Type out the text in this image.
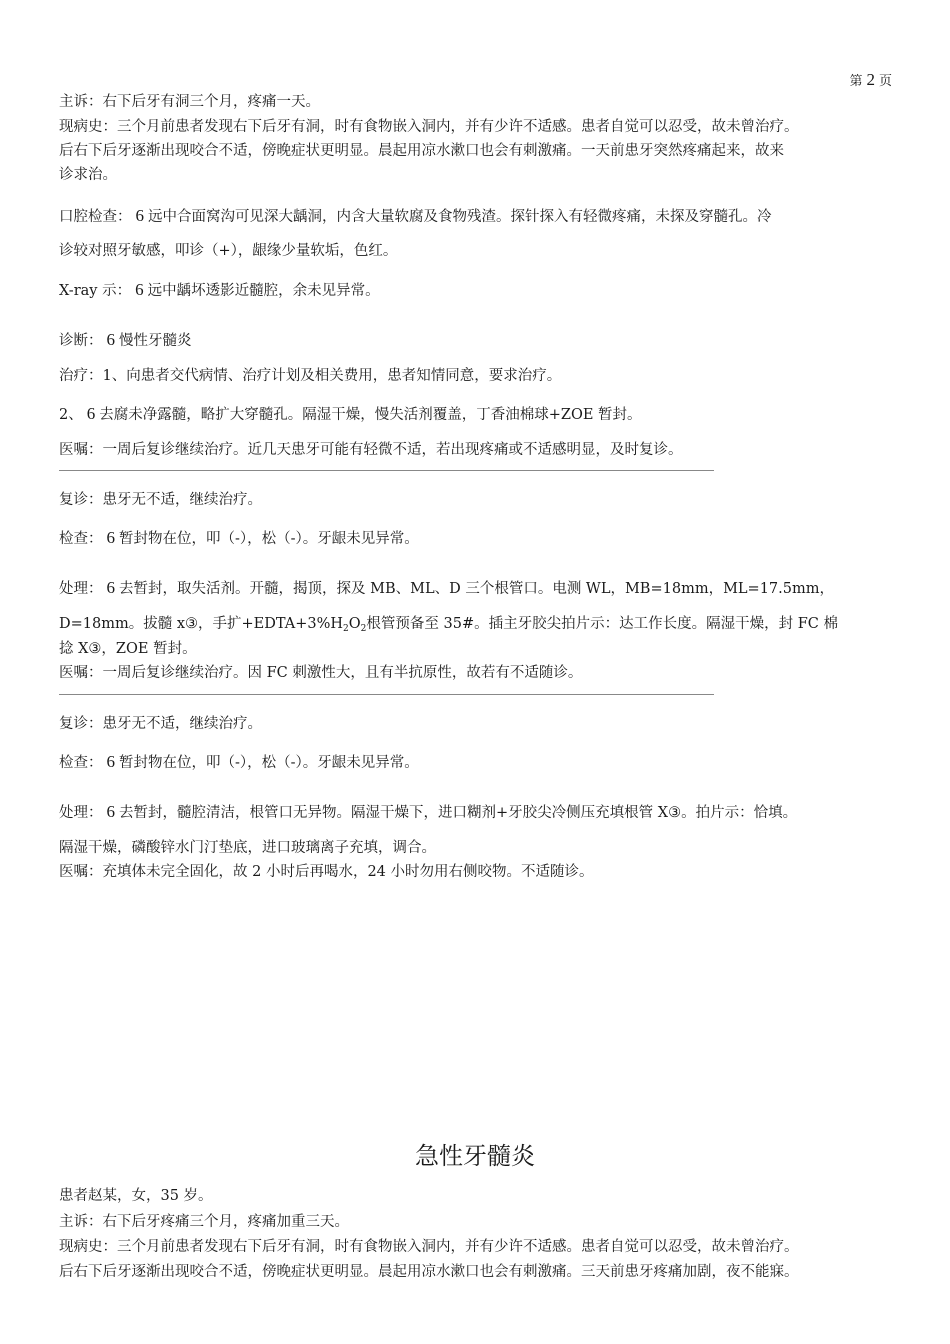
第 2 页
主诉：右下后牙有洞三个月，疼痛一天。
现病史：三个月前患者发现右下后牙有洞，时有食物嵌入洞内，并有少许不适感。患者自觉可以忍受，故未曾治疗。
后右下后牙逐渐出现咬合不适，傍晚症状更明显。晨起用凉水漱口也会有刺激痛。一天前患牙突然疼痛起来，故来
诊求治。
口腔检查： 6 远中合面窝沟可见深大龋洞，内含大量软腐及食物残渣。探针探入有轻微疼痛，未探及穿髓孔。冷
诊较对照牙敏感，叩诊（+），龈缘少量软垢，色红。
X-ray 示： 6 远中龋坏透影近髓腔，余未见异常。
诊断： 6 慢性牙髓炎
治疗：1、向患者交代病情、治疗计划及相关费用，患者知情同意，要求治疗。
2、 6 去腐未净露髓，略扩大穿髓孔。隔湿干燥，慢失活剂覆盖，丁香油棉球+ZOE 暂封。
医嘱：一周后复诊继续治疗。近几天患牙可能有轻微不适，若出现疼痛或不适感明显，及时复诊。
复诊：患牙无不适，继续治疗。
检查： 6 暂封物在位，叩（-），松（-）。牙龈未见异常。
处理： 6 去暂封，取失活剂。开髓，揭顶，探及 MB、ML、D 三个根管口。电测 WL，MB=18mm，ML=17.5mm，
D=18mm。拔髓 x③，手扩$+EDTA+3\%H_2O_2$根管预备至 35#。插主牙胶尖拍片示：达工作长度。隔湿干燥，封 FC 棉
捻 X③，ZOE 暂封。
医嘱：一周后复诊继续治疗。因 FC 刺激性大，且有半抗原性，故若有不适随诊。
复诊：患牙无不适，继续治疗。
检查： 6 暂封物在位，叩（-），松（-）。牙龈未见异常。
处理： 6 去暂封，髓腔清洁，根管口无异物。隔湿干燥下，进口糊剂+牙胶尖冷侧压充填根管 X③。拍片示：恰填。
隔湿干燥，磷酸锌水门汀垫底，进口玻璃离子充填，调合。
医嘱：充填体未完全固化，故 2 小时后再喝水，24 小时勿用右侧咬物。不适随诊。
急性牙髓炎
患者赵某，女，35 岁。
主诉：右下后牙疼痛三个月，疼痛加重三天。
现病史：三个月前患者发现右下后牙有洞，时有食物嵌入洞内，并有少许不适感。患者自觉可以忍受，故未曾治疗。
后右下后牙逐渐出现咬合不适，傍晚症状更明显。晨起用凉水漱口也会有刺激痛。三天前患牙疼痛加剧，夜不能寐。
